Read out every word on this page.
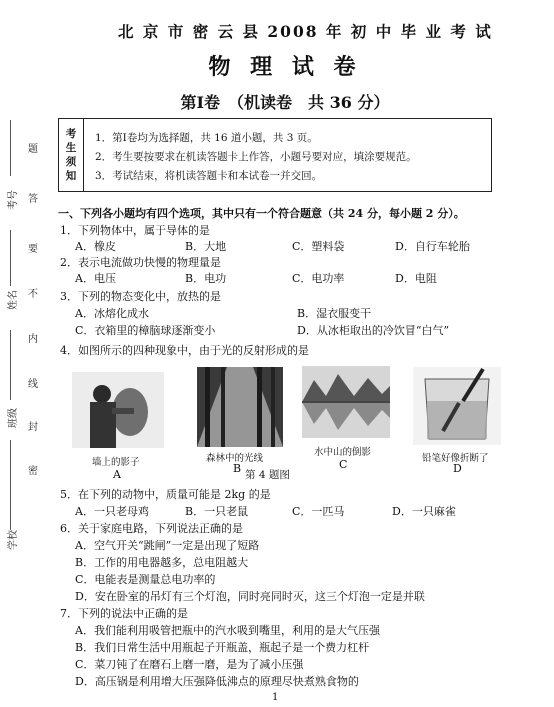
北 京 市 密 云 县 2008 年 初 中 毕 业 考 试
物 理 试 卷
第Ⅰ卷　（机读卷　共 36 分）
题
答
要
不
内
线
封
密
考号
姓名
班级
学校
考生须知
1．第Ⅰ卷均为选择题，共 16 道小题，共 3 页。
2．考生要按要求在机读答题卡上作答，小题号要对应，填涂要规范。
3．考试结束，将机读答题卡和本试卷一并交回。
一、下列各小题均有四个选项，其中只有一个符合题意（共 24 分，每小题 2 分）。
1．下列物体中，属于导体的是
A．橡皮	B．大地	C．塑料袋	D．自行车轮胎
2．表示电流做功快慢的物理量是
A．电压	B．电功	C．电功率	D．电阻
3．下列的物态变化中，放热的是
A．冰熔化成水	B．湿衣服变干
C．衣箱里的樟脑球逐渐变小	D．从冰柜取出的冷饮冒“白气”
4．如图所示的四种现象中，由于光的反射形成的是
墙上的影子
A
森林中的光线
B
水中山的倒影
C	铅笔好像折断了
D
第 4 题图
5．在下列的动物中，质量可能是 2kg 的是
A．一只老母鸡	B．一只老鼠	C．一匹马	D．一只麻雀
6．关于家庭电路，下列说法正确的是
A．空气开关“跳闸”一定是出现了短路
B．工作的用电器越多，总电阻越大
C．电能表是测量总电功率的
D．安在卧室的吊灯有三个灯泡，同时亮同时灭，这三个灯泡一定是并联
7．下列的说法中正确的是
A．我们能利用吸管把瓶中的汽水吸到嘴里，利用的是大气压强
B．我们日常生活中用瓶起子开瓶盖，瓶起子是一个费力杠杆
C．菜刀钝了在磨石上磨一磨，是为了减小压强
D．高压锅是利用增大压强降低沸点的原理尽快煮熟食物的
1
